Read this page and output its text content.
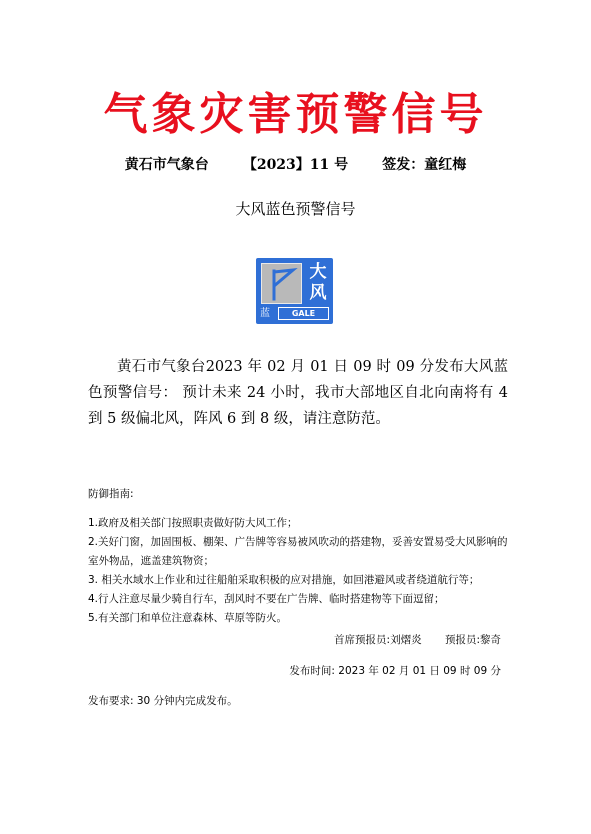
气象灾害预警信号
黄石市气象台 【2023】11 号 签发：童红梅
大风蓝色预警信号
大
风
蓝	GALE

黄石市气象台2023 年 02 月 01 日 09 时 09 分发布大风蓝色预警信号： 预计未来 24 小时，我市大部地区自北向南将有 4 到 5 级偏北风，阵风 6 到 8 级，请注意防范。

防御指南:
1.政府及相关部门按照职责做好防大风工作；
2.关好门窗，加固围板、棚架、广告牌等容易被风吹动的搭建物，妥善安置易受大风影响的室外物品，遮盖建筑物资；
3. 相关水域水上作业和过往船舶采取积极的应对措施，如回港避风或者绕道航行等；
4.行人注意尽量少骑自行车，刮风时不要在广告牌、临时搭建物等下面逗留；
5.有关部门和单位注意森林、草原等防火。
首席预报员:刘熠炎 预报员:黎奇
发布时间: 2023 年 02 月 01 日 09 时 09 分
发布要求: 30 分钟内完成发布。
